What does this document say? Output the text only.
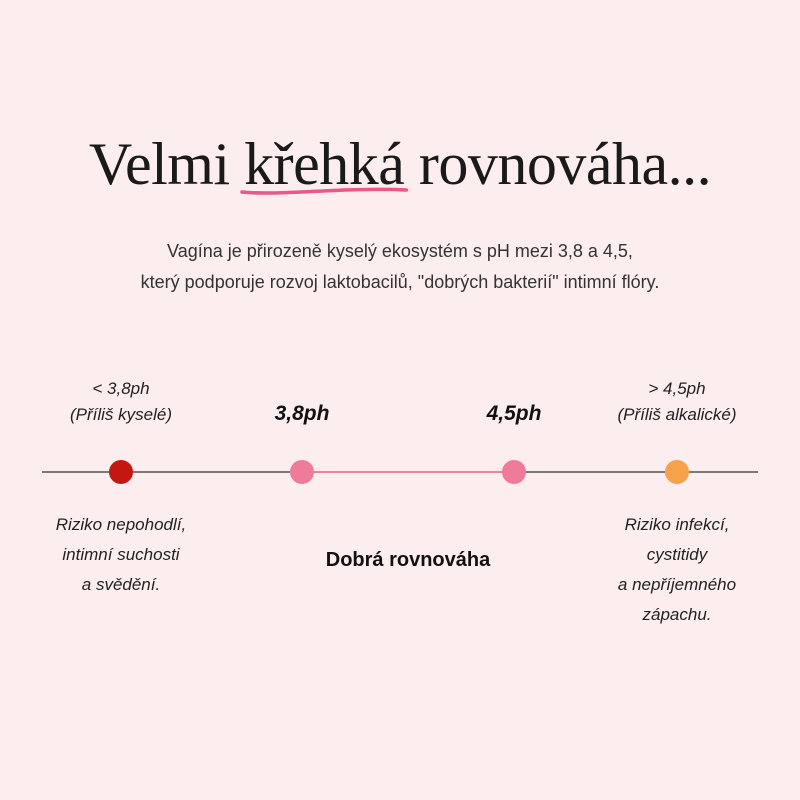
Velmi křehká
rovnováha...
Vagína je přirozeně kyselý ekosystém s pH mezi 3,8 a 4,5,
který podporuje rozvoj laktobacilů, "dobrých bakterií" intimní flóry.
< 3,8ph
(Příliš kyselé)	3,8ph	4,5ph
> 4,5ph
(Příliš alkalické)
Riziko nepohodlí,
intimní suchosti
a svědění.
Dobrá rovnováha
Riziko infekcí,
cystitidy
a nepříjemného
zápachu.
